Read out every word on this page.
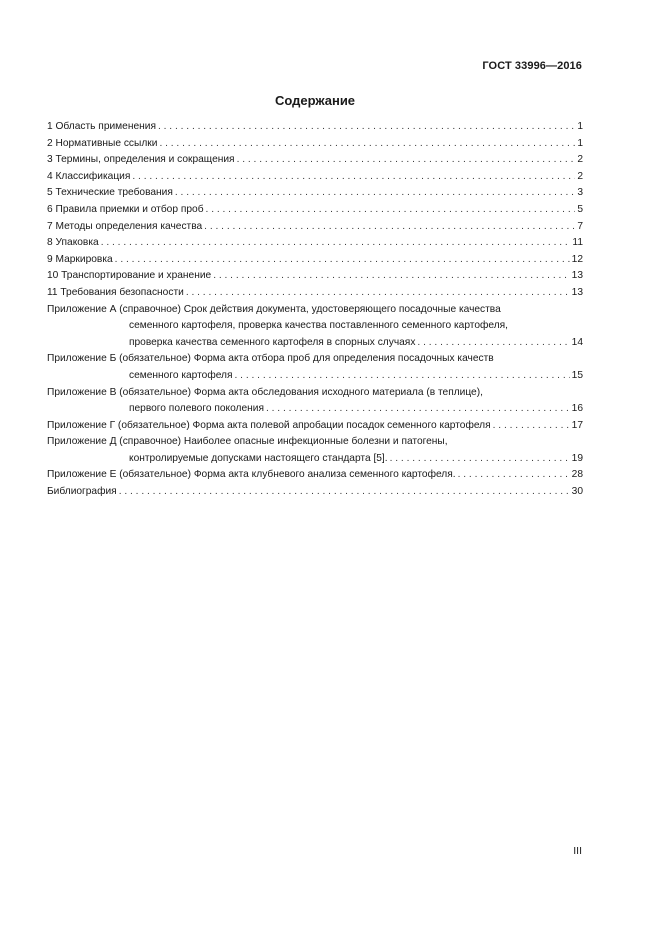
ГОСТ 33996—2016
Содержание
1 Область применения . . .	1
2 Нормативные ссылки . . .	1
3 Термины, определения и сокращения . . .	2
4 Классификация . . .	2
5 Технические требования . . .	3
6 Правила приемки и отбор проб . . .	5
7 Методы определения качества . . .	7
8 Упаковка . . .	11
9 Маркировка . . .	12
10 Транспортирование и хранение . . .	13
11 Требования безопасности . . .	13
Приложение А (справочное) Срок действия документа, удостоверяющего посадочные качества
семенного картофеля, проверка качества поставленного семенного картофеля,
проверка качества семенного картофеля в спорных случаях . . .	14
Приложение Б (обязательное) Форма акта отбора проб для определения посадочных качеств
семенного картофеля . . .	15
Приложение В (обязательное) Форма акта обследования исходного материала (в теплице),
первого полевого поколения . . .	16
Приложение Г (обязательное) Форма акта полевой апробации посадок семенного картофеля . . .	17
Приложение Д (справочное) Наиболее опасные инфекционные болезни и патогены,
контролируемые допусками настоящего стандарта [5]. . . .	19
Приложение Е (обязательное) Форма акта клубневого анализа семенного картофеля. . . .	28
Библиография . . .	30
III
